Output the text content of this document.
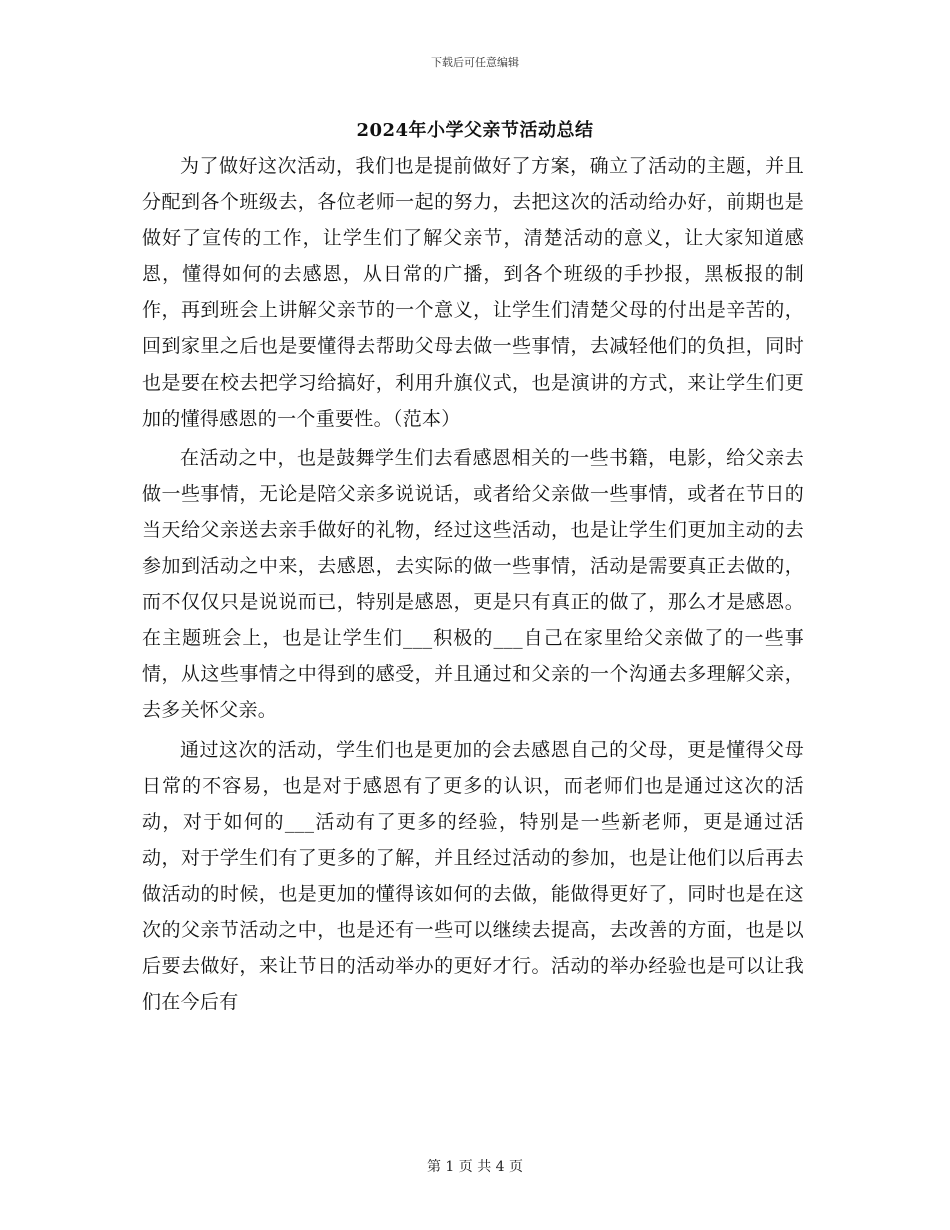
下载后可任意编辑
2024年小学父亲节活动总结

为了做好这次活动，我们也是提前做好了方案，确立了活动的主题，并且分配到各个班级去，各位老师一起的努力，去把这次的活动给办好，前期也是做好了宣传的工作，让学生们了解父亲节，清楚活动的意义，让大家知道感恩，懂得如何的去感恩，从日常的广播，到各个班级的手抄报，黑板报的制作，再到班会上讲解父亲节的一个意义，让学生们清楚父母的付出是辛苦的，回到家里之后也是要懂得去帮助父母去做一些事情，去减轻他们的负担，同时也是要在校去把学习给搞好，利用升旗仪式，也是演讲的方式，来让学生们更加的懂得感恩的一个重要性。（范本）

在活动之中，也是鼓舞学生们去看感恩相关的一些书籍，电影，给父亲去做一些事情，无论是陪父亲多说说话，或者给父亲做一些事情，或者在节日的当天给父亲送去亲手做好的礼物，经过这些活动，也是让学生们更加主动的去参加到活动之中来，去感恩，去实际的做一些事情，活动是需要真正去做的，而不仅仅只是说说而已，特别是感恩，更是只有真正的做了，那么才是感恩。在主题班会上，也是让学生们___积极的___自己在家里给父亲做了的一些事情，从这些事情之中得到的感受，并且通过和父亲的一个沟通去多理解父亲，去多关怀父亲。

通过这次的活动，学生们也是更加的会去感恩自己的父母，更是懂得父母日常的不容易，也是对于感恩有了更多的认识，而老师们也是通过这次的活动，对于如何的___活动有了更多的经验，特别是一些新老师，更是通过活动，对于学生们有了更多的了解，并且经过活动的参加，也是让他们以后再去做活动的时候，也是更加的懂得该如何的去做，能做得更好了，同时也是在这次的父亲节活动之中，也是还有一些可以继续去提高，去改善的方面，也是以后要去做好，来让节日的活动举办的更好才行。活动的举办经验也是可以让我们在今后有

第 1 页 共 4 页
